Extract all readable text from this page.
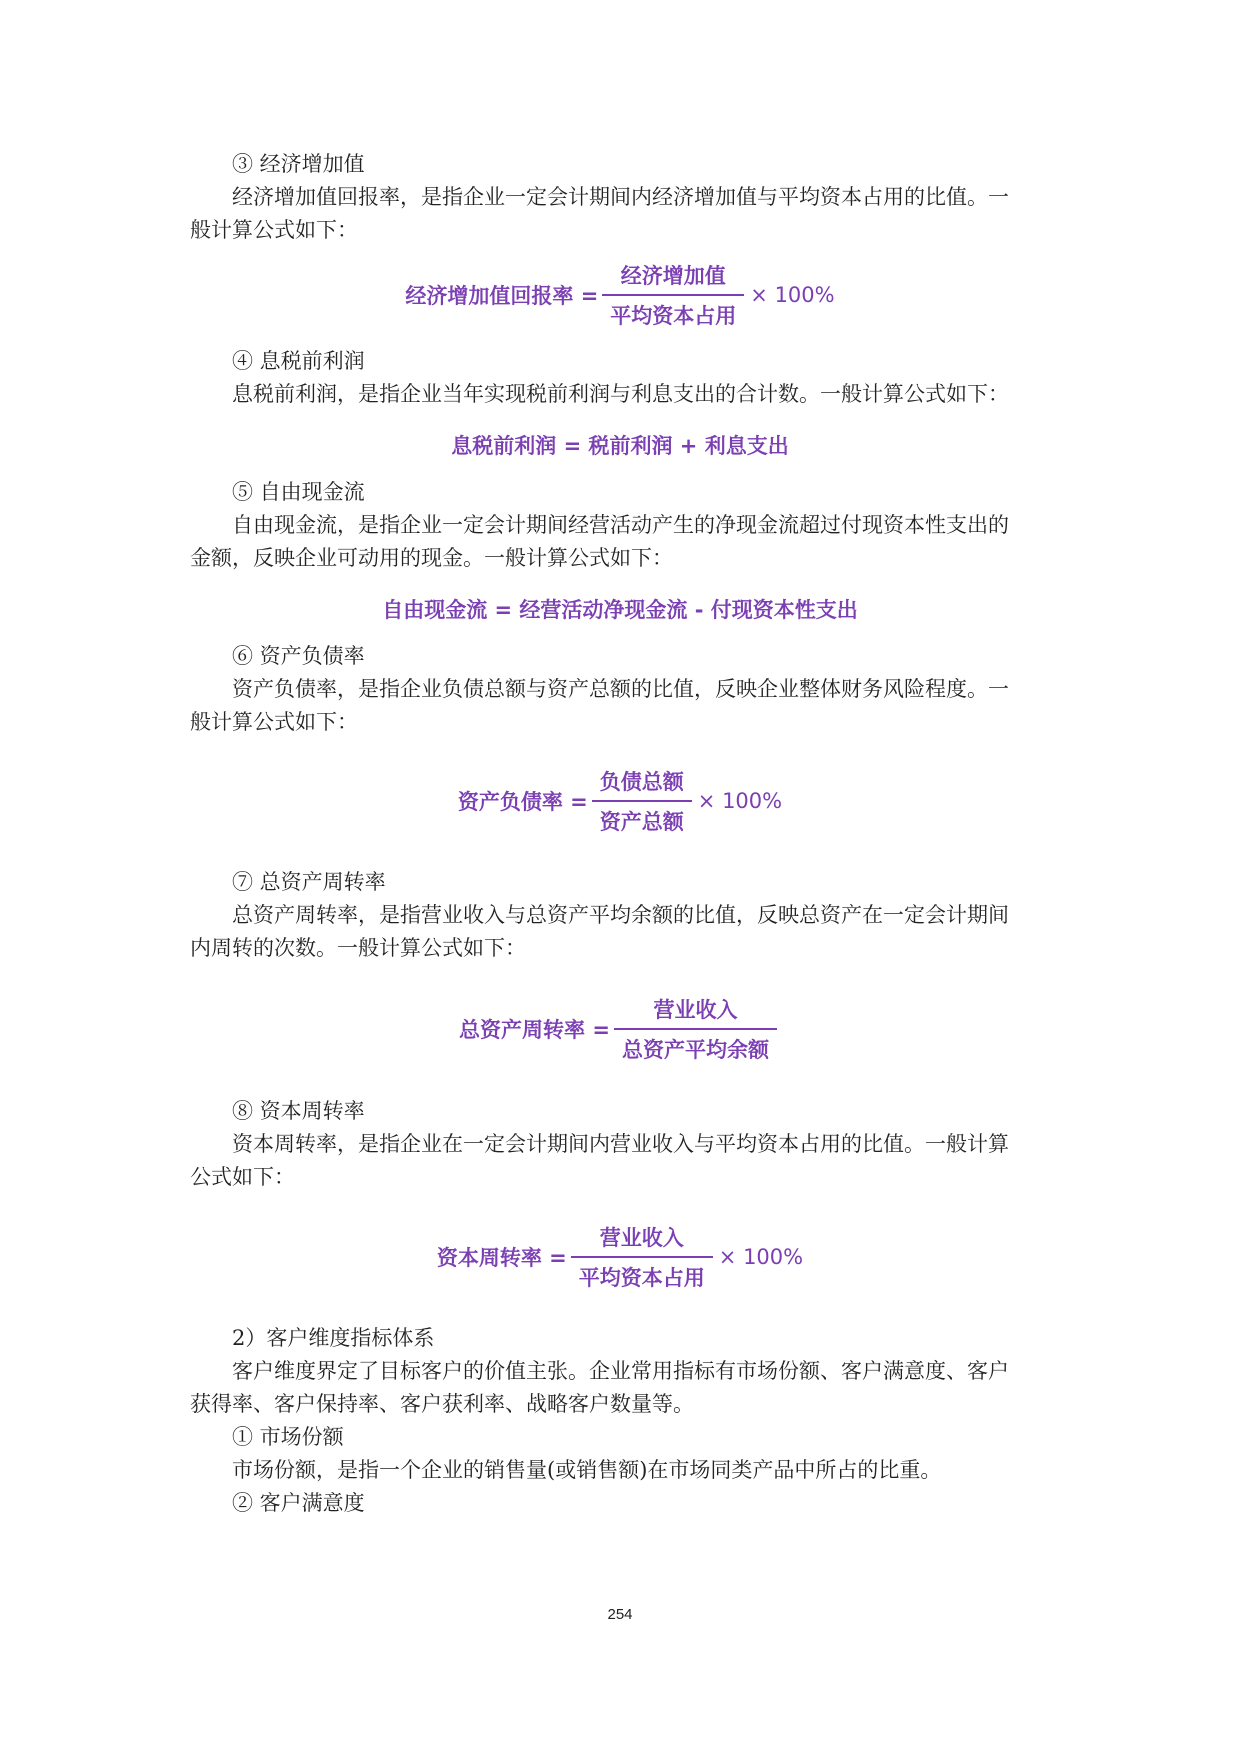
③ 经济增加值
经济增加值回报率，是指企业一定会计期间内经济增加值与平均资本占用的比值。一
般计算公式如下：
经济增加值回报率 = $\frac{\text{经济增加值}}{\text{平均资本占用}} \times 100\%$
④ 息税前利润
息税前利润，是指企业当年实现税前利润与利息支出的合计数。一般计算公式如下：
息税前利润 = 税前利润 + 利息支出
⑤ 自由现金流
自由现金流，是指企业一定会计期间经营活动产生的净现金流超过付现资本性支出的
金额，反映企业可动用的现金。一般计算公式如下：
自由现金流 = 经营活动净现金流 - 付现资本性支出
⑥ 资产负债率
资产负债率，是指企业负债总额与资产总额的比值，反映企业整体财务风险程度。一
般计算公式如下：
资产负债率 = $\frac{\text{负债总额}}{\text{资产总额}} \times 100\%$
⑦ 总资产周转率
总资产周转率，是指营业收入与总资产平均余额的比值，反映总资产在一定会计期间
内周转的次数。一般计算公式如下：
总资产周转率 = $\frac{\text{营业收入}}{\text{总资产平均余额}}$
⑧ 资本周转率
资本周转率，是指企业在一定会计期间内营业收入与平均资本占用的比值。一般计算
公式如下：
资本周转率 = $\frac{\text{营业收入}}{\text{平均资本占用}} \times 100\%$
2）客户维度指标体系
客户维度界定了目标客户的价值主张。企业常用指标有市场份额、客户满意度、客户
获得率、客户保持率、客户获利率、战略客户数量等。
① 市场份额
市场份额，是指一个企业的销售量(或销售额)在市场同类产品中所占的比重。
② 客户满意度
254
